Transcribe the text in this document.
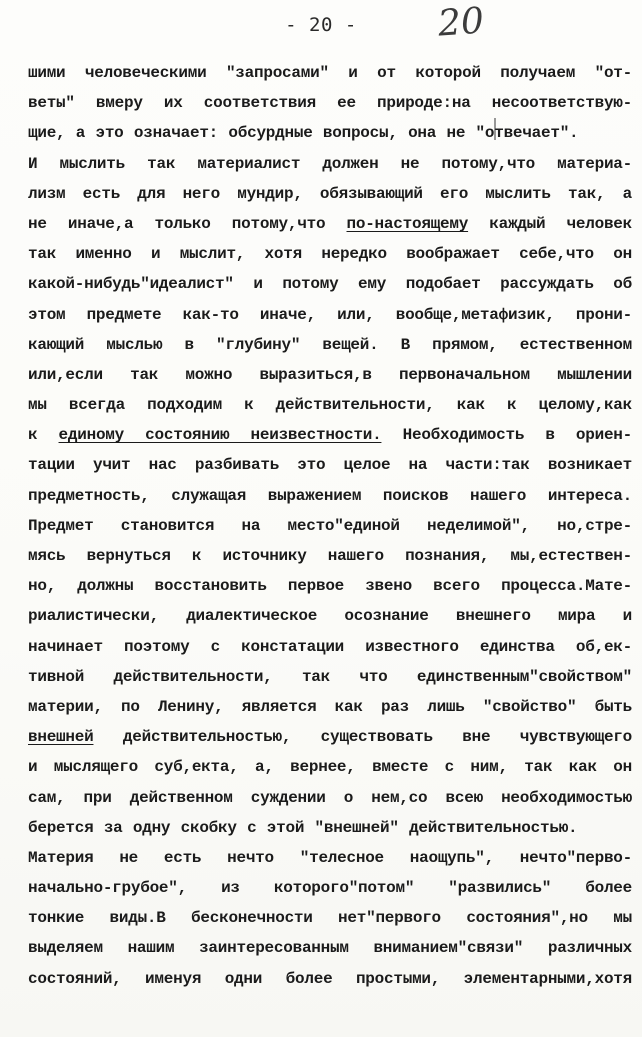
- 20 -	20
шими человеческими "запросами" и от которой получаем "от-
веты" вмеру их соответствия ее природе:на несоответствую-
щие, а это означает: обсурдные вопросы, она не "отвечает".
И мыслить так материалист должен не потому,что материа-
лизм есть для него мундир, обязывающий его мыслить так, а
не иначе,а только потому,что по-настоящему каждый человек
так именно и мыслит, хотя нередко воображает себе,что он
какой-нибудь"идеалист" и потому ему подобает рассуждать об
этом предмете как-то иначе, или, вообще,метафизик, прони-
кающий мыслью в "глубину" вещей. В прямом, естественном
или,если так можно выразиться,в первоначальном мышлении
мы всегда подходим к действительности, как к целому,как
к единому состоянию неизвестности. Необходимость в ориен-
тации учит нас разбивать это целое на части:так возникает
предметность, служащая выражением поисков нашего интереса.
Предмет становится на место"единой неделимой", но,стре-
мясь вернуться к источнику нашего познания, мы,естествен-
но, должны восстановить первое звено всего процесса.Мате-
риалистически, диалектическое осознание внешнего мира и
начинает поэтому с констатации известного единства об,ек-
тивной действительности, так что единственным"свойством"
материи, по Ленину, является как раз лишь "свойство" быть
внешней действительностью, существовать вне чувствующего
и мыслящего суб,екта, а, вернее, вместе с ним, так как он
сам, при действенном суждении о нем,со всею необходимостью
берется за одну скобку с этой "внешней" действительностью.
Материя не есть нечто "телесное наощупь", нечто"перво-
начально-грубое", из которого"потом" "развились" более
тонкие виды.В бесконечности нет"первого состояния",но мы
выделяем нашим заинтересованным вниманием"связи" различных
состояний, именуя одни более простыми, элементарными,хотя
